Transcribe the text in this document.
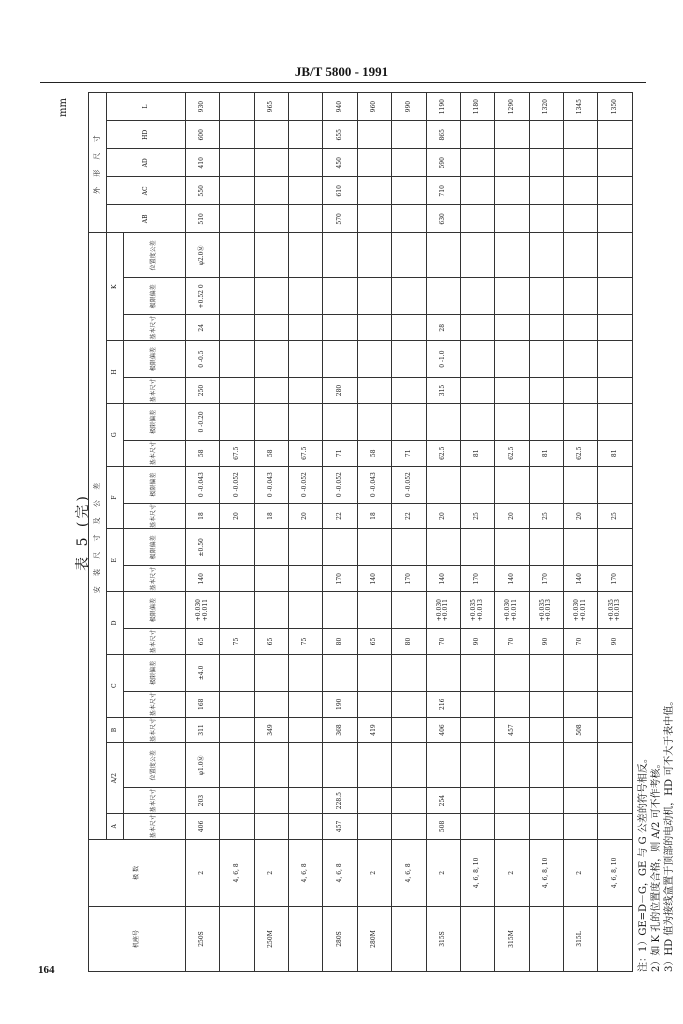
JB/T 5800 - 1991
表 5 (完)
mm
机座号	极 数	安 装 尺 寸 及 公 差																			外 形 尺 寸				
		A	A/2		B	C		D		E		F		G		H		K			AB	AC	AD	HD	L
		基本尺寸	基本尺寸	位置度公差	基本尺寸	基本尺寸	极限偏差	基本尺寸	极限偏差	基本尺寸	极限偏差	基本尺寸	极限偏差	基本尺寸	极限偏差	基本尺寸	极限偏差	基本尺寸	极限偏差	位置度公差					
250S	2	406	203	φ1.0Ⓜ	311	168	±4.0	65	+0.030 +0.011	140	±0.50	18	0 -0.043	58	0 -0.20	250	0 -0.5	24	+0.52 0	φ2.0Ⓜ	510	550	410	600	930
	4, 6, 8							75				20	0 -0.052	67.5											
250M	2				349			65				18	0 -0.043	58											965
	4, 6, 8							75				20	0 -0.052	67.5											
280S	4, 6, 8	457	228.5		368	190		80		170		22	0 -0.052	71		280					570	610	450	655	940
280M	2				419			65		140		18	0 -0.043	58											960
	4, 6, 8							80		170		22	0 -0.052	71											990
315S	2	508	254		406	216		70	+0.030 +0.011	140		20		62.5		315	0 -1.0	28			630	710	590	865	1190
	4, 6, 8, 10							90	+0.035 +0.013	170		25		81											1180
315M	2				457			70	+0.030 +0.011	140		20		62.5											1290
	4, 6, 8, 10							90	+0.035 +0.013	170		25		81											1320
315L	2				508			70	+0.030 +0.011	140		20		62.5											1345
	4, 6, 8, 10							90	+0.035 +0.013	170		25		81											1350
注：1）GE=D－G，GE 与 G 公差的符号相反。 2）如 K 孔的位置度合格，则 A/2 可不作考核。 3）HD 值为接线盒置于顶部的电动机，HD 可不大于表中值。
164
